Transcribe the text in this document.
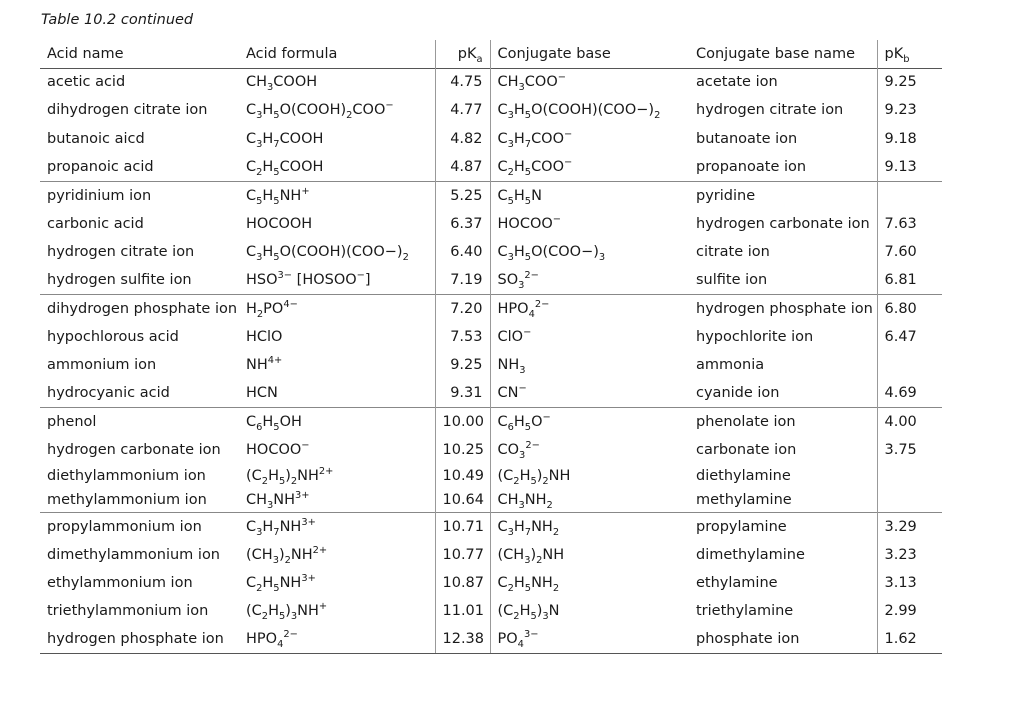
Table 10.2 continued
Acid name	Acid formula	$pK_a$	Conjugate base	Conjugate base name	$pK_b$
acetic acid	$CH_3COOH$	4.75	$CH_3COO^-$	acetate ion	9.25
dihydrogen citrate ion	$C_3H_5O(COOH)_2COO^-$	4.77	$C_3H_5O(COOH)(COO-)_2$	hydrogen citrate ion	9.23
butanoic aicd	$C_3H_7COOH$	4.82	$C_3H_7COO^-$	butanoate ion	9.18
propanoic acid	$C_2H_5COOH$	4.87	$C_2H_5COO^-$	propanoate ion	9.13
pyridinium ion	$C_5H_5NH^+$	5.25	$C_5H_5N$	pyridine	
carbonic acid	HOCOOH	6.37	HOCOO−	hydrogen carbonate ion	7.63
hydrogen citrate ion	$C_3H_5O(COOH)(COO-)_2$	6.40	$C_3H_5O(COO-)_3$	citrate ion	7.60
hydrogen sulfite ion	$HSO^{3-}$ [HOSOO−]	7.19	$SO_3^{2-}$	sulfite ion	6.81
dihydrogen phosphate ion	$H_2PO^{4-}$	7.20	$HPO_4^{2-}$	hydrogen phosphate ion	6.80
hypochlorous acid	HClO	7.53	ClO−	hypochlorite ion	6.47
ammonium ion	$NH^{4+}$	9.25	$NH_3$	ammonia	
hydrocyanic acid	HCN	9.31	CN−	cyanide ion	4.69
phenol	$C_6H_5OH$	10.00	$C_6H_5O^-$	phenolate ion	4.00
hydrogen carbonate ion	HOCOO−	10.25	$CO_3^{2-}$	carbonate ion	3.75
diethylammonium ion	$(C_2H_5)_2NH^{2+}$	10.49	$(C_2H_5)_2NH$	diethylamine	
methylammonium ion	$CH_3NH^{3+}$	10.64	$CH_3NH_2$	methylamine	
propylammonium ion	$C_3H_7NH^{3+}$	10.71	$C_3H_7NH_2$	propylamine	3.29
dimethylammonium ion	$(CH_3)_2NH^{2+}$	10.77	$(CH_3)_2NH$	dimethylamine	3.23
ethylammonium ion	$C_2H_5NH^{3+}$	10.87	$C_2H_5NH_2$	ethylamine	3.13
triethylammonium ion	$(C_2H_5)_3NH^+$	11.01	$(C_2H_5)_3N$	triethylamine	2.99
hydrogen phosphate ion	$HPO_4^{2-}$	12.38	$PO_4^{3-}$	phosphate ion	1.62
